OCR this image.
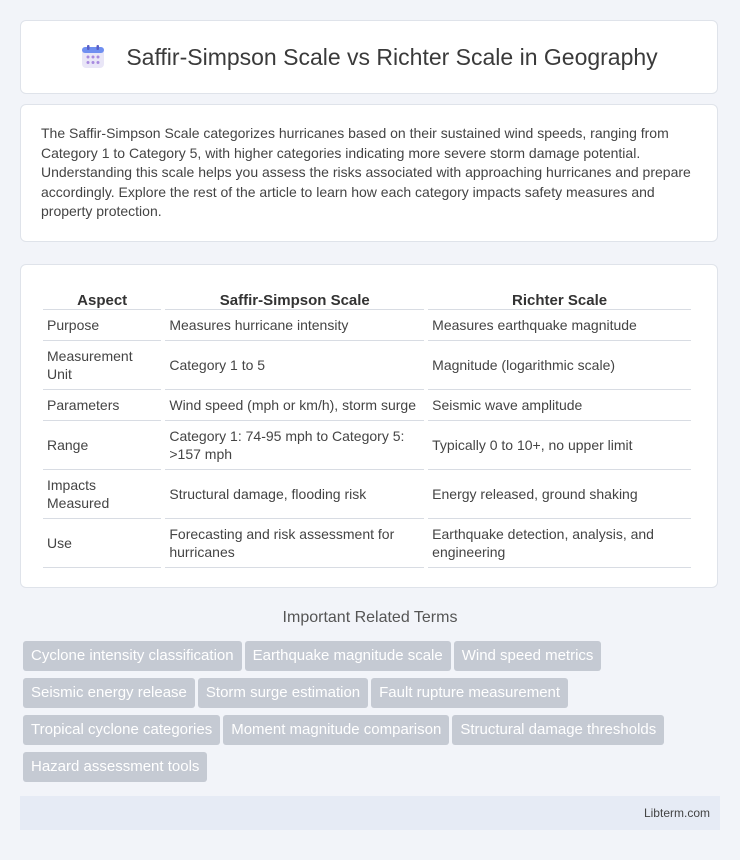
Saffir-Simpson Scale vs Richter Scale in Geography

The Saffir-Simpson Scale categorizes hurricanes based on their sustained wind speeds, ranging from Category 1 to Category 5, with higher categories indicating more severe storm damage potential. Understanding this scale helps you assess the risks associated with approaching hurricanes and prepare accordingly. Explore the rest of the article to learn how each category impacts safety measures and property protection.

Aspect	Saffir-Simpson Scale	Richter Scale
Purpose	Measures hurricane intensity	Measures earthquake magnitude
Measurement Unit	Category 1 to 5	Magnitude (logarithmic scale)
Parameters	Wind speed (mph or km/h), storm surge	Seismic wave amplitude
Range	Category 1: 74-95 mph to Category 5: >157 mph	Typically 0 to 10+, no upper limit
Impacts Measured	Structural damage, flooding risk	Energy released, ground shaking
Use	Forecasting and risk assessment for hurricanes	Earthquake detection, analysis, and engineering
Important Related Terms
Cyclone intensity classification Earthquake magnitude scale Wind speed metrics
Seismic energy release Storm surge estimation Fault rupture measurement
Tropical cyclone categories Moment magnitude comparison Structural damage thresholds
Hazard assessment tools
Libterm.com
